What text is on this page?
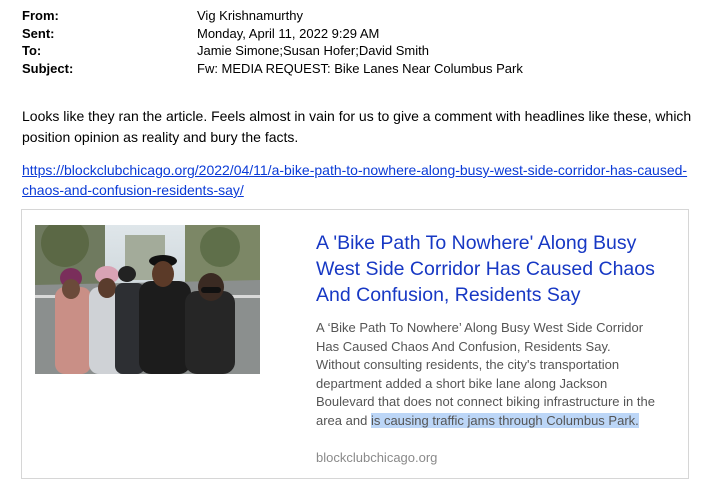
From:	Vig Krishnamurthy
Sent:	Monday, April 11, 2022 9:29 AM
To:	Jamie Simone;Susan Hofer;David Smith
Subject:	Fw: MEDIA REQUEST: Bike Lanes Near Columbus Park
Looks like they ran the article. Feels almost in vain for us to give a comment with headlines like these, which position opinion as reality and bury the facts.
https://blockclubchicago.org/2022/04/11/a-bike-path-to-nowhere-along-busy-west-side-corridor-has-caused-chaos-and-confusion-residents-say/
A 'Bike Path To Nowhere' Along Busy West Side Corridor Has Caused Chaos And Confusion, Residents Say
A ‘Bike Path To Nowhere’ Along Busy West Side Corridor Has Caused Chaos And Confusion, Residents Say. Without consulting residents, the city's transportation department added a short bike lane along Jackson Boulevard that does not connect biking infrastructure in the area and is causing traffic jams through Columbus Park.
blockclubchicago.org
